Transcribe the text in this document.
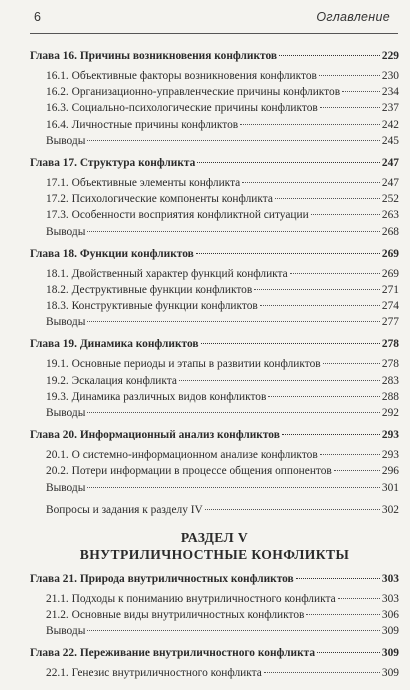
6	Оглавление
Глава 16. Причины возникновения конфликтов	229
16.1. Объективные факторы возникновения конфликтов	230
16.2. Организационно-управленческие причины конфликтов	234
16.3. Социально-психологические причины конфликтов	237
16.4. Личностные причины конфликтов	242
Выводы	245
Глава 17. Структура конфликта	247
17.1. Объективные элементы конфликта	247
17.2. Психологические компоненты конфликта	252
17.3. Особенности восприятия конфликтной ситуации	263
Выводы	268
Глава 18. Функции конфликтов	269
18.1. Двойственный характер функций конфликта	269
18.2. Деструктивные функции конфликтов	271
18.3. Конструктивные функции конфликтов	274
Выводы	277
Глава 19. Динамика конфликтов	278
19.1. Основные периоды и этапы в развитии конфликтов	278
19.2. Эскалация конфликта	283
19.3. Динамика различных видов конфликтов	288
Выводы	292
Глава 20. Информационный анализ конфликтов	293
20.1. О системно-информационном анализе конфликтов	293
20.2. Потери информации в процессе общения оппонентов	296
Выводы	301
Вопросы и задания к разделу IV	302
РАЗДЕЛ V
ВНУТРИЛИЧНОСТНЫЕ КОНФЛИКТЫ
Глава 21. Природа внутриличностных конфликтов	303
21.1. Подходы к пониманию внутриличностного конфликта	303
21.2. Основные виды внутриличностных конфликтов	306
Выводы	309
Глава 22. Переживание внутриличностного конфликта	309
22.1. Генезис внутриличностного конфликта	309
